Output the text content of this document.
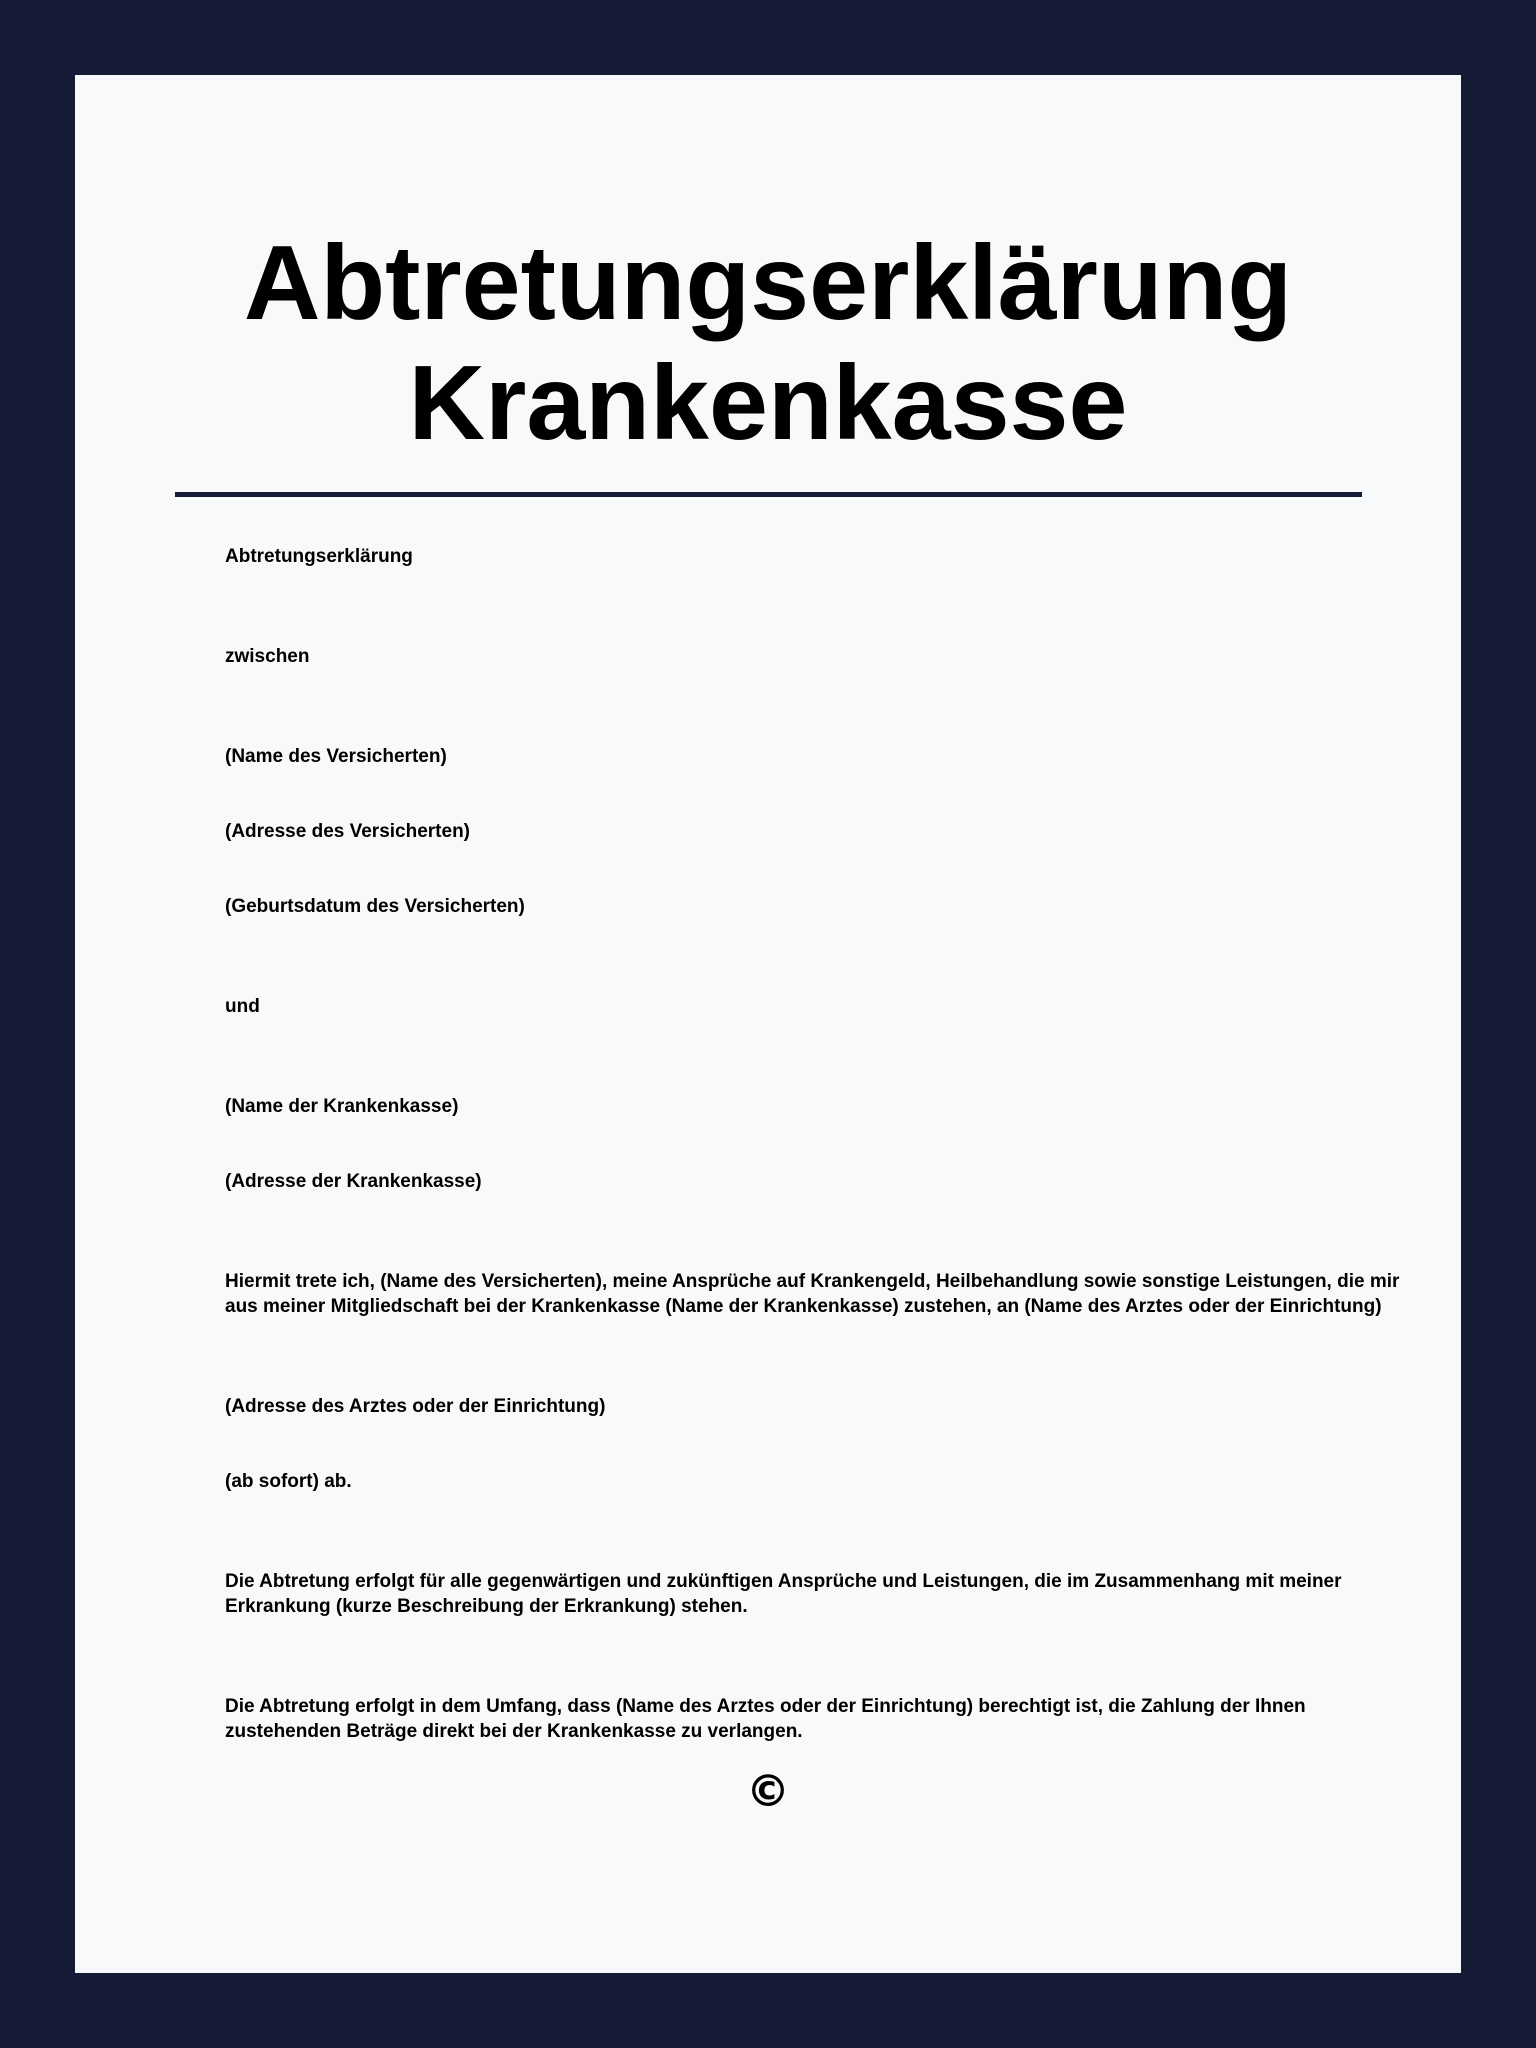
Abtretungserklärung
Krankenkasse

Abtretungserklärung

zwischen

(Name des Versicherten)

(Adresse des Versicherten)

(Geburtsdatum des Versicherten)

und

(Name der Krankenkasse)

(Adresse der Krankenkasse)

Hiermit trete ich, (Name des Versicherten), meine Ansprüche auf Krankengeld, Heilbehandlung sowie sonstige Leistungen, die mir aus meiner Mitgliedschaft bei der Krankenkasse (Name der Krankenkasse) zustehen, an (Name des Arztes oder der Einrichtung)

(Adresse des Arztes oder der Einrichtung)

(ab sofort) ab.

Die Abtretung erfolgt für alle gegenwärtigen und zukünftigen Ansprüche und Leistungen, die im Zusammenhang mit meiner Erkrankung (kurze Beschreibung der Erkrankung) stehen.

Die Abtretung erfolgt in dem Umfang, dass (Name des Arztes oder der Einrichtung) berechtigt ist, die Zahlung der Ihnen zustehenden Beträge direkt bei der Krankenkasse zu verlangen.

©
